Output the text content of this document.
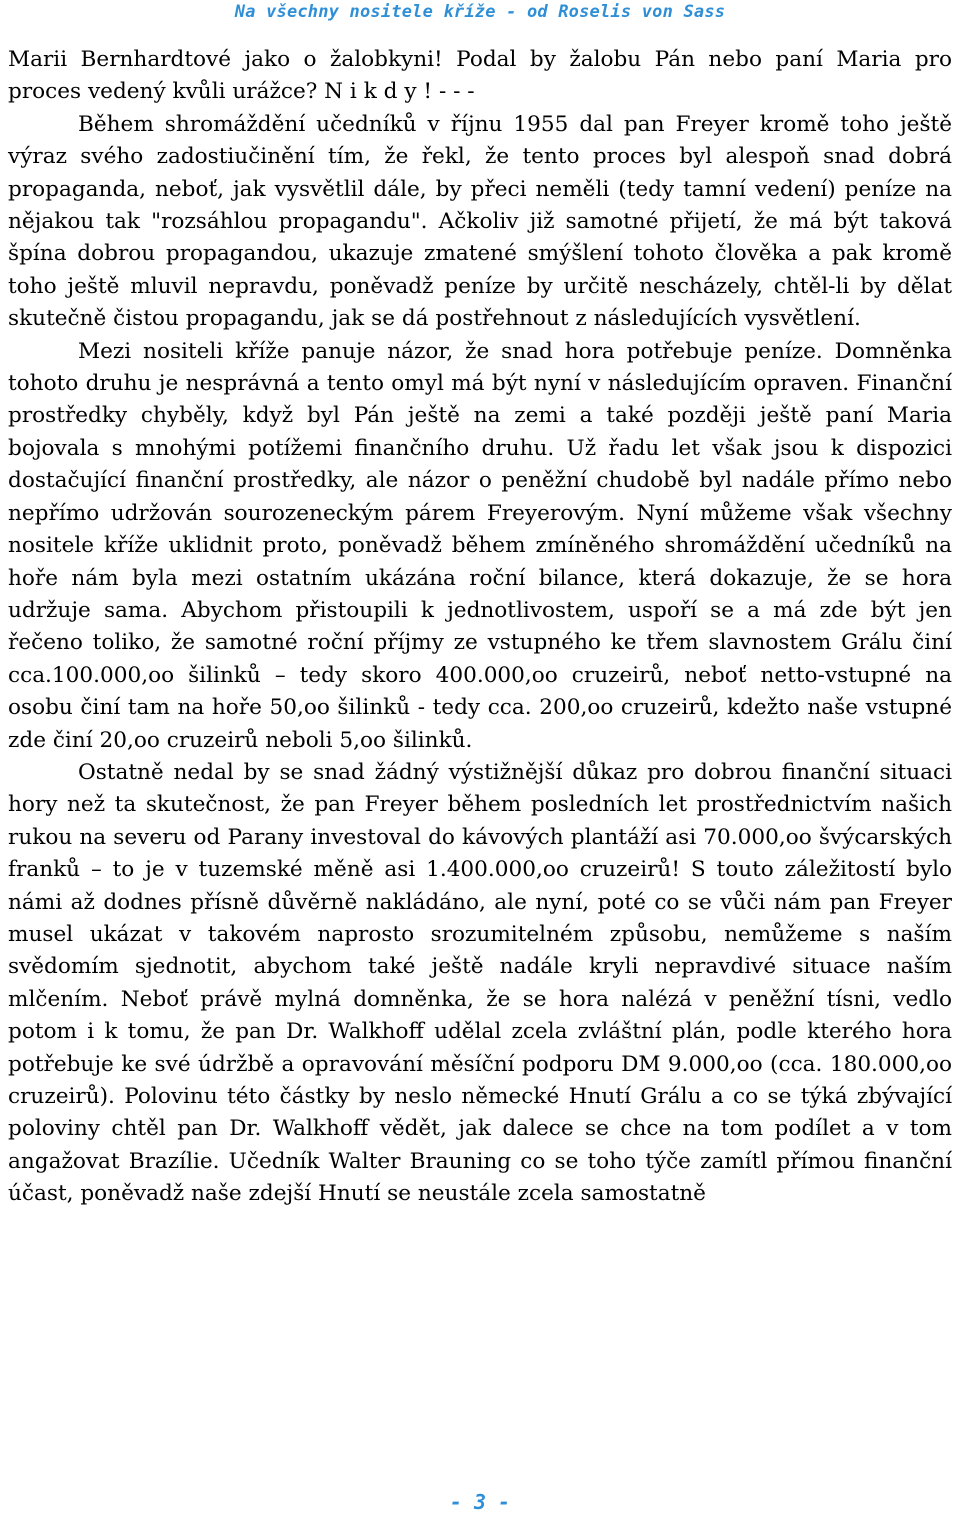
Na všechny nositele kříže - od Roselis von Sass

Marii Bernhardtové jako o žalobkyni! Podal by žalobu Pán nebo paní Maria pro proces vedený kvůli urážce? N i k d y ! - - -

Během shromáždění učedníků v říjnu 1955 dal pan Freyer kromě toho ještě výraz svého zadostiučinění tím, že řekl, že tento proces byl alespoň snad dobrá propaganda, neboť, jak vysvětlil dále, by přeci neměli (tedy tamní vedení) peníze na nějakou tak "rozsáhlou propagandu". Ačkoliv již samotné přijetí, že má být taková špína dobrou propagandou, ukazuje zmatené smýšlení tohoto člověka a pak kromě toho ještě mluvil nepravdu, poněvadž peníze by určitě nescházely, chtěl-li by dělat skutečně čistou propagandu, jak se dá postřehnout z následujících vysvětlení.

Mezi nositeli kříže panuje názor, že snad hora potřebuje peníze. Domněnka tohoto druhu je nesprávná a tento omyl má být nyní v následujícím opraven. Finanční prostředky chyběly, když byl Pán ještě na zemi a také později ještě paní Maria bojovala s mnohými potížemi finančního druhu. Už řadu let však jsou k dispozici dostačující finanční prostředky, ale názor o peněžní chudobě byl nadále přímo nebo nepřímo udržován sourozeneckým párem Freyerovým. Nyní můžeme však všechny nositele kříže uklidnit proto, poněvadž během zmíněného shromáždění učedníků na hoře nám byla mezi ostatním ukázána roční bilance, která dokazuje, že se hora udržuje sama. Abychom přistoupili k jednotlivostem, uspoří se a má zde být jen řečeno toliko, že samotné roční příjmy ze vstupného ke třem slavnostem Grálu činí cca.100.000,oo šilinků – tedy skoro 400.000,oo cruzeirů, neboť netto-vstupné na osobu činí tam na hoře 50,oo šilinků - tedy cca. 200,oo cruzeirů, kdežto naše vstupné zde činí 20,oo cruzeirů neboli 5,oo šilinků.

Ostatně nedal by se snad žádný výstižnější důkaz pro dobrou finanční situaci hory než ta skutečnost, že pan Freyer během posledních let prostřednictvím našich rukou na severu od Parany investoval do kávových plantáží asi 70.000,oo švýcarských franků – to je v tuzemské měně asi 1.400.000,oo cruzeirů! S touto záležitostí bylo námi až dodnes přísně důvěrně nakládáno, ale nyní, poté co se vůči nám pan Freyer musel ukázat v takovém naprosto srozumitelném způsobu, nemůžeme s naším svědomím sjednotit, abychom také ještě nadále kryli nepravdivé situace naším mlčením. Neboť právě mylná domněnka, že se hora nalézá v peněžní tísni, vedlo potom i k tomu, že pan Dr. Walkhoff udělal zcela zvláštní plán, podle kterého hora potřebuje ke své údržbě a opravování měsíční podporu DM 9.000,oo (cca. 180.000,oo cruzeirů). Polovinu této částky by neslo německé Hnutí Grálu a co se týká zbývající poloviny chtěl pan Dr. Walkhoff vědět, jak dalece se chce na tom podílet a v tom angažovat Brazílie. Učedník Walter Brauning co se toho týče zamítl přímou finanční účast, poněvadž naše zdejší Hnutí se neustále zcela samostatně

- 3 -
